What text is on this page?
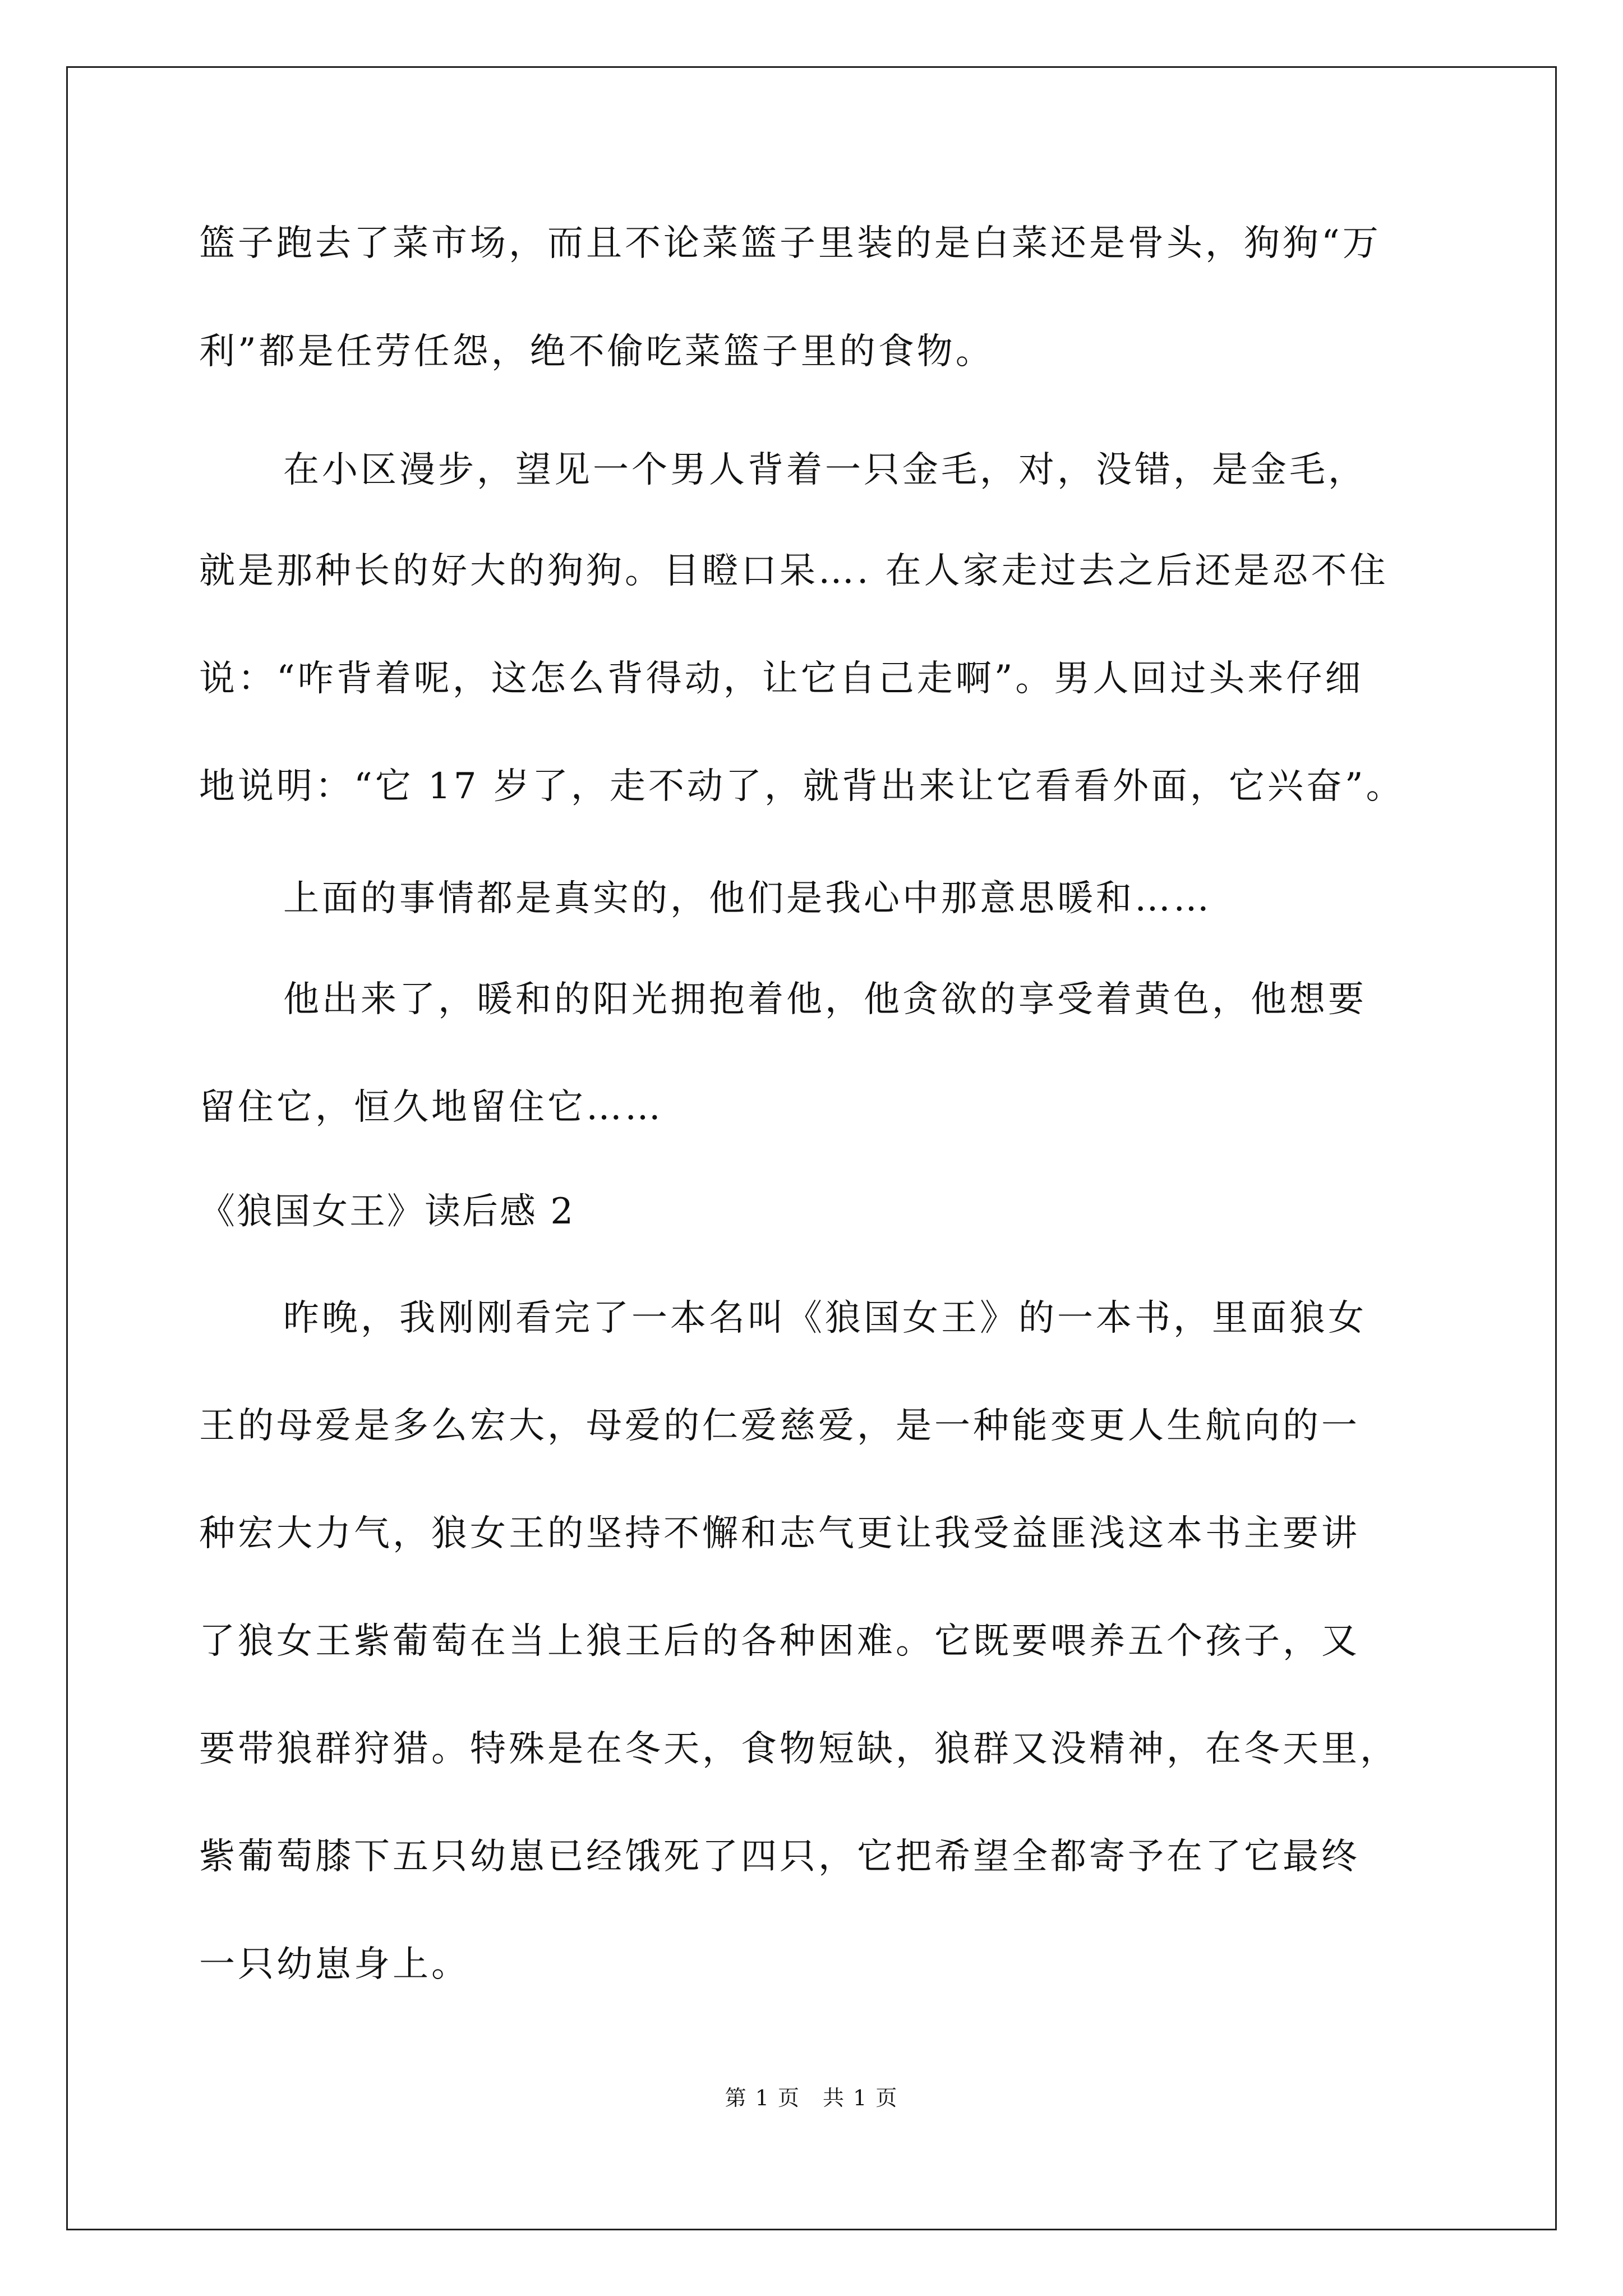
篮子跑去了菜市场，而且不论菜篮子里装的是白菜还是骨头，狗狗“万
利”都是任劳任怨，绝不偷吃菜篮子里的食物。
在小区漫步，望见一个男人背着一只金毛，对，没错，是金毛，
就是那种长的好大的狗狗。目瞪口呆…. 在人家走过去之后还是忍不住
说：“咋背着呢，这怎么背得动，让它自己走啊”。男人回过头来仔细
地说明：“它 17 岁了，走不动了，就背出来让它看看外面，它兴奋”。
上面的事情都是真实的，他们是我心中那意思暖和……
他出来了，暖和的阳光拥抱着他，他贪欲的享受着黄色，他想要
留住它，恒久地留住它……
《狼国女王》读后感 2
昨晚，我刚刚看完了一本名叫《狼国女王》的一本书，里面狼女
王的母爱是多么宏大，母爱的仁爱慈爱，是一种能变更人生航向的一
种宏大力气，狼女王的坚持不懈和志气更让我受益匪浅这本书主要讲
了狼女王紫葡萄在当上狼王后的各种困难。它既要喂养五个孩子，又
要带狼群狩猎。特殊是在冬天，食物短缺，狼群又没精神，在冬天里，
紫葡萄膝下五只幼崽已经饿死了四只，它把希望全都寄予在了它最终
一只幼崽身上。
第 1 页　共 1 页
